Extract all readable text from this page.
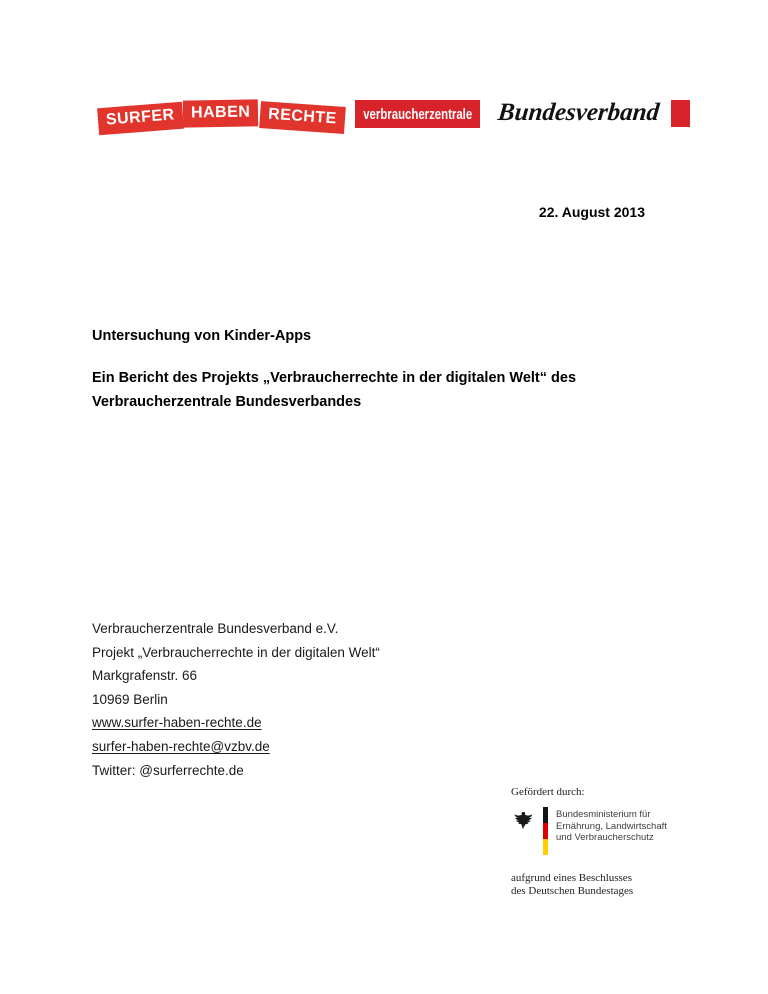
SURFER HABEN	RECHTE	verbraucherzentrale Bundesverband
22. August 2013
Untersuchung von Kinder-Apps
Ein Bericht des Projekts „Verbraucherrechte in der digitalen Welt“ des
Verbraucherzentrale Bundesverbandes
Verbraucherzentrale Bundesverband e.V.
Projekt „Verbraucherrechte in der digitalen Welt“
Markgrafenstr. 66
10969 Berlin
www.surfer-haben-rechte.de
surfer-haben-rechte@vzbv.de
Twitter: @surferrechte.de
Gefördert durch:
Bundesministerium für
Ernährung, Landwirtschaft
und Verbraucherschutz
aufgrund eines Beschlusses
des Deutschen Bundestages
